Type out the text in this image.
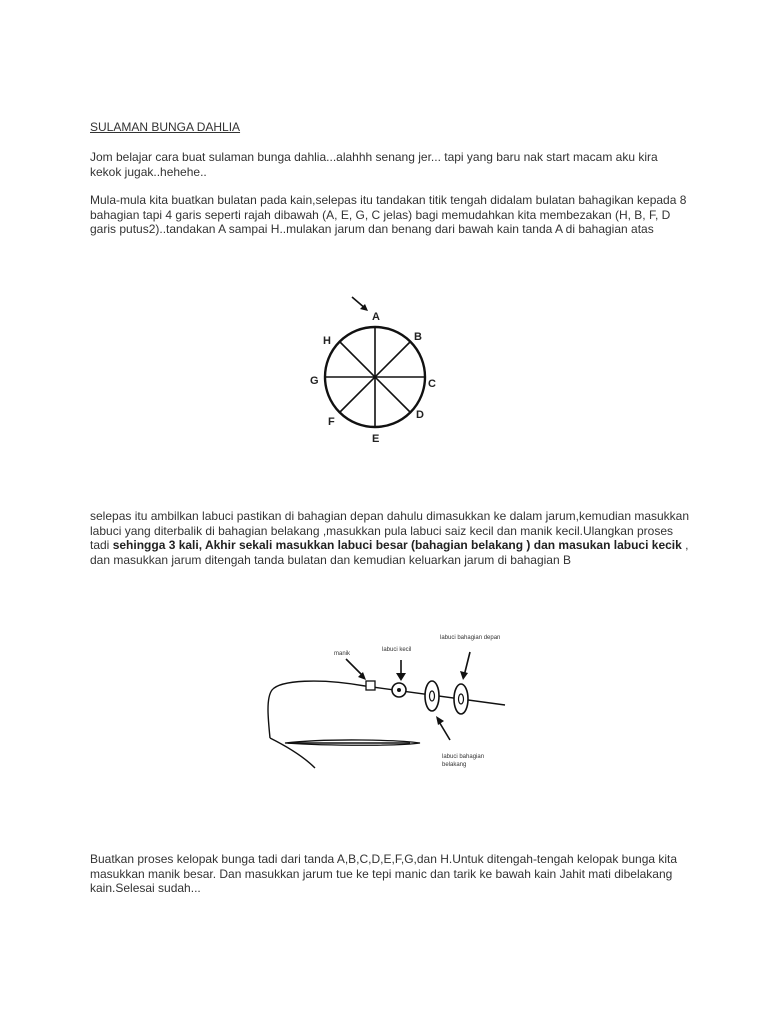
SULAMAN BUNGA DAHLIA

Jom belajar cara buat sulaman bunga dahlia...alahhh senang jer... tapi yang baru nak start macam aku kira kekok jugak..hehehe..

Mula-mula kita buatkan bulatan pada kain,selepas itu tandakan titik tengah didalam bulatan bahagikan kepada 8 bahagian tapi 4 garis seperti rajah dibawah (A, E, G, C jelas) bagi memudahkan kita membezakan (H, B, F, D garis putus2)..tandakan A sampai H..mulakan jarum dan benang dari bawah kain tanda A di bahagian atas

A
B
C
D
E
F
G
H

selepas itu ambilkan labuci pastikan di bahagian depan dahulu dimasukkan ke dalam jarum,kemudian masukkan labuci yang diterbalik di bahagian belakang ,masukkan pula labuci saiz kecil dan manik kecil.Ulangkan proses tadi sehingga 3 kali, Akhir sekali masukkan labuci besar (bahagian belakang ) dan masukan labuci kecik , dan masukkan jarum ditengah tanda bulatan dan kemudian keluarkan jarum di bahagian B

manik
labuci kecil
labuci bahagian depan
labuci bahagian
belakang

Buatkan proses kelopak bunga tadi dari tanda A,B,C,D,E,F,G,dan H.Untuk ditengah-tengah kelopak bunga kita masukkan manik besar. Dan masukkan jarum tue ke tepi manic dan tarik ke bawah kain Jahit mati dibelakang kain.Selesai sudah...
